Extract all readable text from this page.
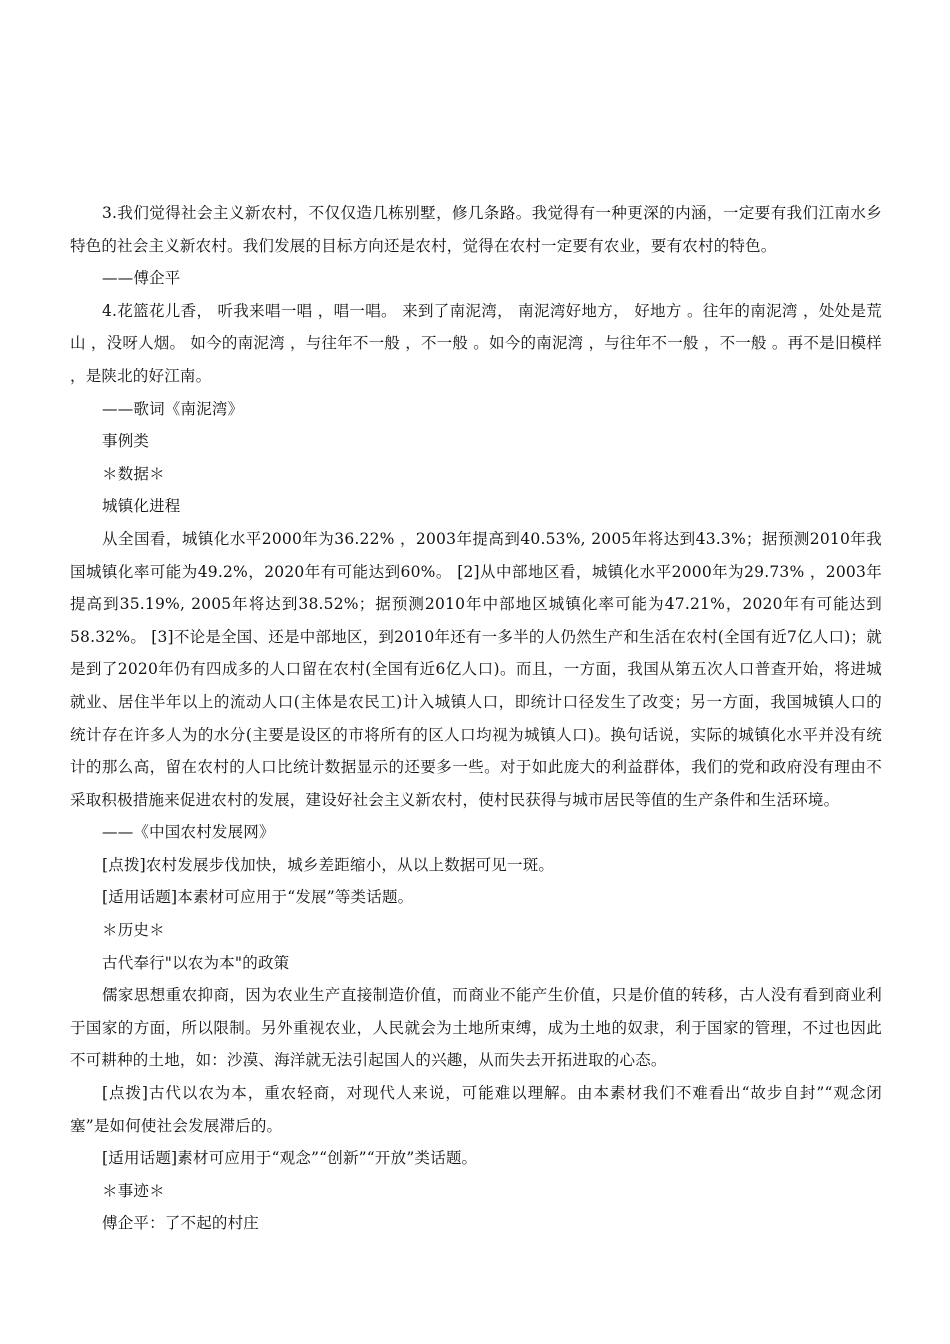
3.我们觉得社会主义新农村，不仅仅造几栋别墅，修几条路。我觉得有一种更深的内涵，一定要有我们江南水乡特色的社会主义新农村。我们发展的目标方向还是农村，觉得在农村一定要有农业，要有农村的特色。

——傅企平

4.花篮花儿香， 听我来唱一唱 ，唱一唱。 来到了南泥湾， 南泥湾好地方， 好地方 。往年的南泥湾 ，处处是荒山 ，没呀人烟。 如今的南泥湾 ，与往年不一般 ，不一般 。如今的南泥湾 ，与往年不一般 ，不一般 。再不是旧模样 ，是陕北的好江南。

——歌词《南泥湾》

事例类

＊数据＊

城镇化进程

从全国看，城镇化水平2000年为36.22% ，2003年提高到40.53%, 2005年将达到43.3%；据预测2010年我国城镇化率可能为49.2%，2020年有可能达到60%。 [2]从中部地区看，城镇化水平2000年为29.73% ，2003年提高到35.19%, 2005年将达到38.52%；据预测2010年中部地区城镇化率可能为47.21%，2020年有可能达到58.32%。 [3]不论是全国、还是中部地区，到2010年还有一多半的人仍然生产和生活在农村(全国有近7亿人口)；就是到了2020年仍有四成多的人口留在农村(全国有近6亿人口)。而且，一方面，我国从第五次人口普查开始，将进城就业、居住半年以上的流动人口(主体是农民工)计入城镇人口，即统计口径发生了改变；另一方面，我国城镇人口的统计存在许多人为的水分(主要是设区的市将所有的区人口均视为城镇人口)。换句话说，实际的城镇化水平并没有统计的那么高，留在农村的人口比统计数据显示的还要多一些。对于如此庞大的利益群体，我们的党和政府没有理由不采取积极措施来促进农村的发展，建设好社会主义新农村，使村民获得与城市居民等值的生产条件和生活环境。

——《中国农村发展网》

[点拨]农村发展步伐加快，城乡差距缩小，从以上数据可见一斑。

[适用话题]本素材可应用于“发展”等类话题。

＊历史＊

古代奉行"以农为本"的政策

儒家思想重农抑商，因为农业生产直接制造价值，而商业不能产生价值，只是价值的转移，古人没有看到商业利于国家的方面，所以限制。另外重视农业，人民就会为土地所束缚，成为土地的奴隶，利于国家的管理，不过也因此不可耕种的土地，如：沙漠、海洋就无法引起国人的兴趣，从而失去开拓进取的心态。

[点拨]古代以农为本，重农轻商，对现代人来说，可能难以理解。由本素材我们不难看出“故步自封”“观念闭塞”是如何使社会发展滞后的。

[适用话题]素材可应用于“观念”“创新”“开放”类话题。

＊事迹＊

傅企平：了不起的村庄
